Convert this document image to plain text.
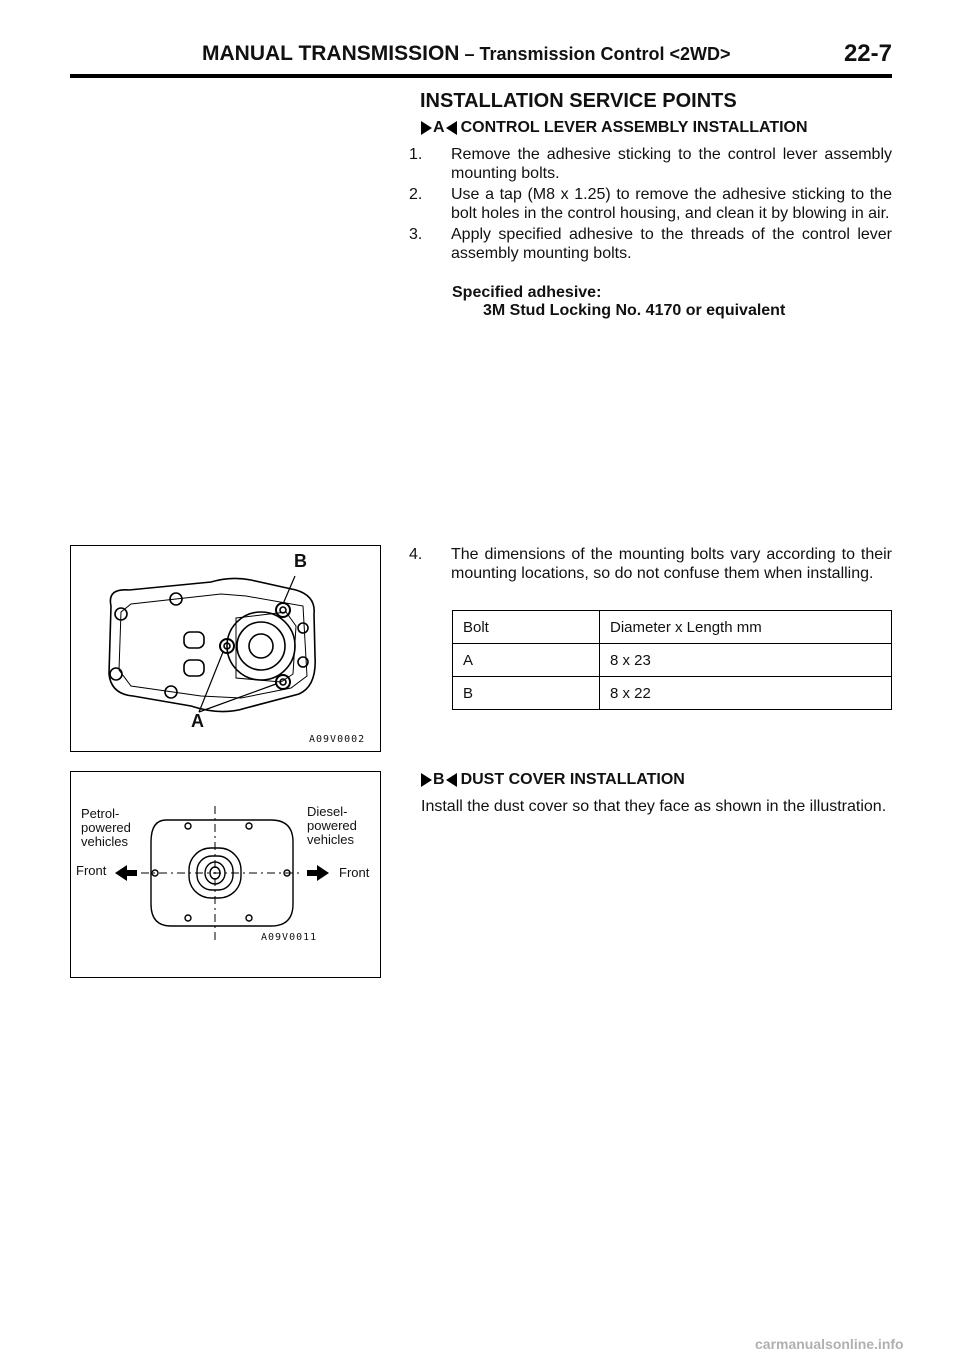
MANUAL TRANSMISSION – Transmission Control <2WD>	22-7
INSTALLATION SERVICE POINTS
A CONTROL LEVER ASSEMBLY INSTALLATION
1. Remove the adhesive sticking to the control lever assembly mounting bolts.
2. Use a tap (M8 x 1.25) to remove the adhesive sticking to the bolt holes in the control housing, and clean it by blowing in air.
3. Apply specified adhesive to the threads of the control lever assembly mounting bolts.
Specified adhesive:
3M Stud Locking No. 4170 or equivalent
4. The dimensions of the mounting bolts vary according to their mounting locations, so do not confuse them when installing.
Bolt	Diameter x Length mm
A	8 x 23
B	8 x 22
B DUST COVER INSTALLATION
Install the dust cover so that they face as shown in the illustration.
B
A
A09V0002
Petrol-
powered
vehicles
Diesel-
powered
vehicles
Front	Front
A09V0011
carmanualsonline.info
